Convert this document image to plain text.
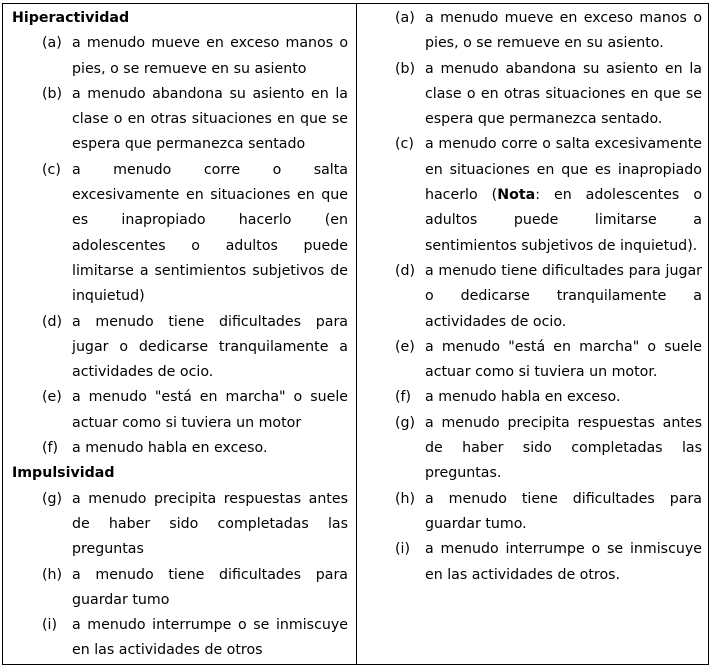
Hiperactividad
(a) a menudo mueve en exceso manos o pies, o se remueve en su asiento
(b) a menudo abandona su asiento en la clase o en otras situaciones en que se espera que permanezca sentado
(c) a menudo corre o salta excesivamente en situaciones en que es inapropiado hacerlo (en adolescentes o adultos puede limitarse a sentimientos subjetivos de inquietud)
(d) a menudo tiene dificultades para jugar o dedicarse tranquilamente a actividades de ocio.
(e) a menudo "está en marcha" o suele actuar como si tuviera un motor
(f) a menudo habla en exceso.
Impulsividad
(g) a menudo precipita respuestas antes de haber sido completadas las preguntas
(h) a menudo tiene dificultades para guardar tumo
(i)	a menudo interrumpe o se inmiscuye en las actividades de otros
(a) a menudo mueve en exceso manos o pies, o se remueve en su asiento.
(b) a menudo abandona su asiento en la clase o en otras situaciones en que se espera que permanezca sentado.
(c) a menudo corre o salta excesivamente en situaciones en que es inapropiado hacerlo (Nota: en adolescentes o adultos puede limitarse a sentimientos subjetivos de inquietud).
(d) a menudo tiene dificultades para jugar o dedicarse tranquilamente a actividades de ocio.
(e) a menudo "está en marcha" o suele actuar como si tuviera un motor.
(f) a menudo habla en exceso.
(g) a menudo precipita respuestas antes de haber sido completadas las preguntas.
(h) a menudo tiene dificultades para guardar tumo.
(i)	a menudo interrumpe o se inmiscuye en las actividades de otros.
